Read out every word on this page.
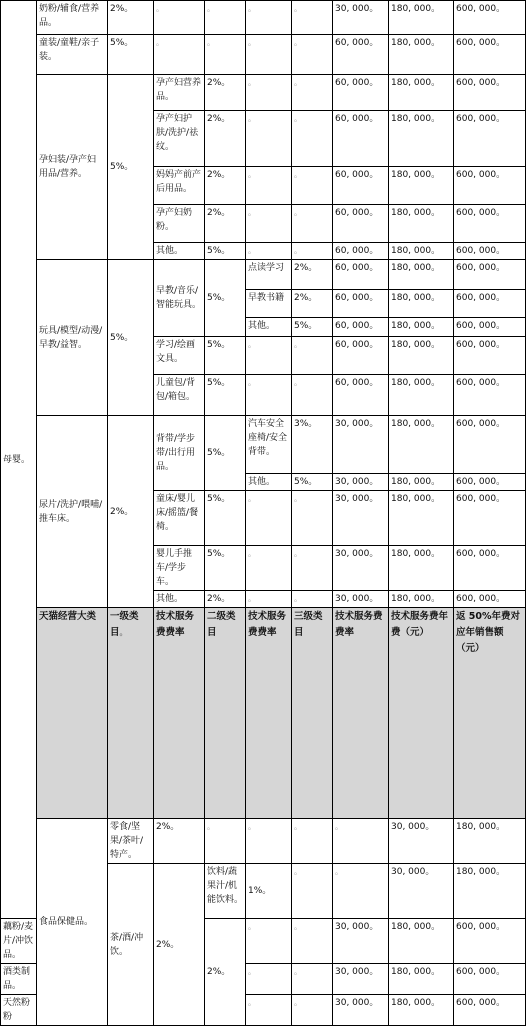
母婴。	奶粉/辅食/营养品。	2%。	。	。	。	。	30, 000。	180, 000。	600, 000。	
	童装/童鞋/亲子装。	5%。	。	。	。	。	60, 000。	180, 000。	600, 000。	
	孕妇装/孕产妇用品/营养。	5%。	孕产妇营养品。	2%。	。	。	60, 000。	180, 000。	600, 000。	
			孕产妇护肤/洗护/祛纹。	2%。	。	。	60, 000。	180, 000。	600, 000。	
			妈妈产前产后用品。	2%。	。	。	60, 000。	180, 000。	600, 000。	
			孕产妇奶粉。	2%。	。	。	60, 000。	180, 000。	600, 000。	
			其他。	5%。	。	。	60, 000。	180, 000。	600, 000。	
	玩具/模型/动漫/早教/益智。	5%。	早教/音乐/智能玩具。	5%。	点读学习	2%。	60, 000。	180, 000。	600, 000。	
					早教书籍	2%。	60, 000。	180, 000。	600, 000。	
					其他。	5%。	60, 000。	180, 000。	600, 000。	
			学习/绘画文具。	5%。	。	。	60, 000。	180, 000。	600, 000。	
			儿童包/背包/箱包。	5%。	。	。	60, 000。	180, 000。	600, 000。	
	尿片/洗护/喂哺/推车床。	2%。	背带/学步带/出行用品。	5%。	汽车安全座椅/安全背带。	3%。	30, 000。	180, 000。	600, 000。	
					其他。	5%。	30, 000。	180, 000。	600, 000。	
			童床/婴儿床/摇篮/餐椅。	5%。	。	。	30, 000。	180, 000。	600, 000。	
			婴儿手推车/学步车。	5%。	。	。	30, 000。	180, 000。	600, 000。	
			其他。	2%。	。	。	30, 000。	180, 000。	600, 000。	

	天猫经营大类	一级类目。	技术服务费费率	二级类目	技术服务费费率	三级类目	技术服务费费率	技术服务费年费（元）	返 50%年费对应年销售额（元）	
	食品保健品。	零食/坚果/茶叶/特产。	2%。	。	。	。	。	30, 000。	180, 000。	
		茶/酒/冲饮。	2%。	饮料/蔬果汁/机能饮料。	1%。	。	。	30, 000。	180, 000。	
藕粉/麦片/冲饮品。				2%。	。	。	30, 000。	180, 000。	600, 000。	
酒类制品。					。	。	30, 000。	180, 000。	600, 000。	
天然粉粉					。	。	30, 000。	180, 000。	600, 000。	
